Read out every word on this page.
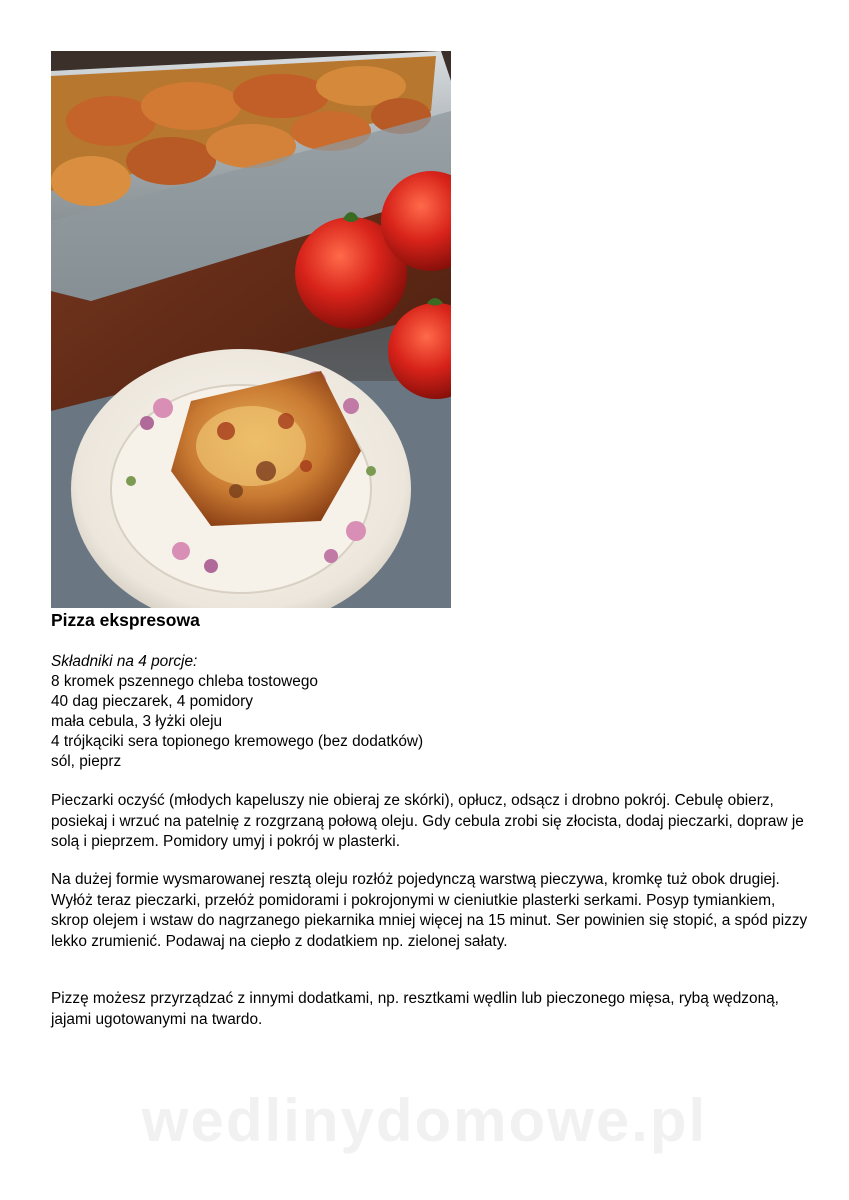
Pizza ekspresowa
Składniki na 4 porcje:
8 kromek pszennego chleba tostowego
40 dag pieczarek, 4 pomidory
mała cebula, 3 łyżki oleju
4 trójkąciki sera topionego kremowego (bez dodatków)
sól, pieprz
Pieczarki oczyść (młodych kapeluszy nie obieraj ze skórki), opłucz, odsącz i drobno pokrój. Cebulę obierz, posiekaj i wrzuć na patelnię z rozgrzaną połową oleju. Gdy cebula zrobi się złocista, dodaj pieczarki, dopraw je solą i pieprzem. Pomidory umyj i pokrój w plasterki.
Na dużej formie wysmarowanej resztą oleju rozłóż pojedynczą warstwą pieczywa, kromkę tuż obok drugiej. Wyłóż teraz pieczarki, przełóż pomidorami i pokrojonymi w cieniutkie plasterki serkami. Posyp tymiankiem, skrop olejem i wstaw do nagrzanego piekarnika mniej więcej na 15 minut. Ser powinien się stopić, a spód pizzy lekko zrumienić. Podawaj na ciepło z dodatkiem np. zielonej sałaty.
Pizzę możesz przyrządzać z innymi dodatkami, np. resztkami wędlin lub pieczonego mięsa, rybą wędzoną, jajami ugotowanymi na twardo.
wedlinydomowe.pl
